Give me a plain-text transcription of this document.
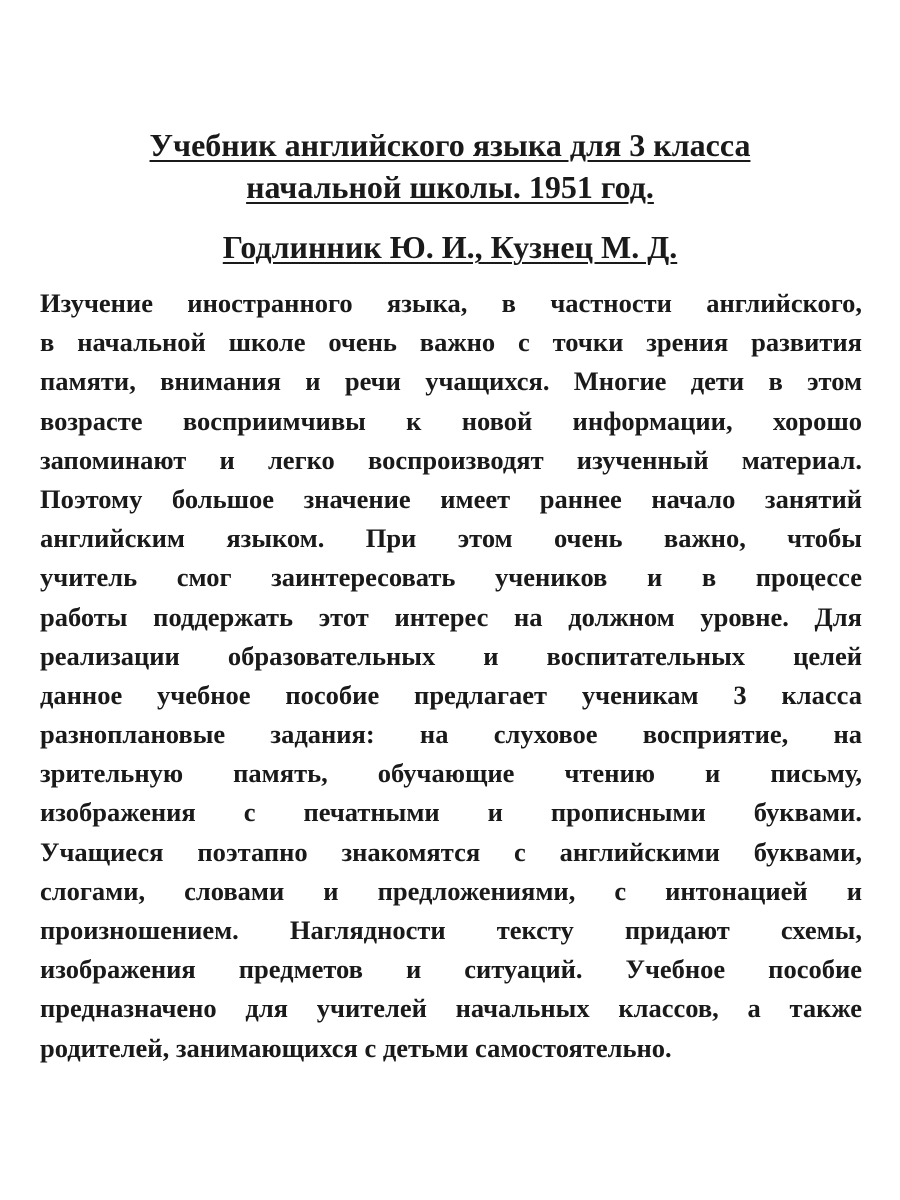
Учебник английского языка для 3 класса
начальной школы. 1951 год.
Годлинник Ю. И., Кузнец М. Д.
Изучение иностранного языка, в частности английского,
в начальной школе очень важно с точки зрения развития
памяти, внимания и речи учащихся. Многие дети в этом
возрасте восприимчивы к новой информации, хорошо
запоминают и легко воспроизводят изученный материал.
Поэтому большое значение имеет раннее начало занятий
английским языком. При этом очень важно, чтобы
учитель смог заинтересовать учеников и в процессе
работы поддержать этот интерес на должном уровне. Для
реализации образовательных и воспитательных целей
данное учебное пособие предлагает ученикам 3 класса
разноплановые задания: на слуховое восприятие, на
зрительную память, обучающие чтению и письму,
изображения с печатными и прописными буквами.
Учащиеся поэтапно знакомятся с английскими буквами,
слогами, словами и предложениями, с интонацией и
произношением. Наглядности тексту придают схемы,
изображения предметов и ситуаций. Учебное пособие
предназначено для учителей начальных классов, а также
родителей, занимающихся с детьми самостоятельно.
